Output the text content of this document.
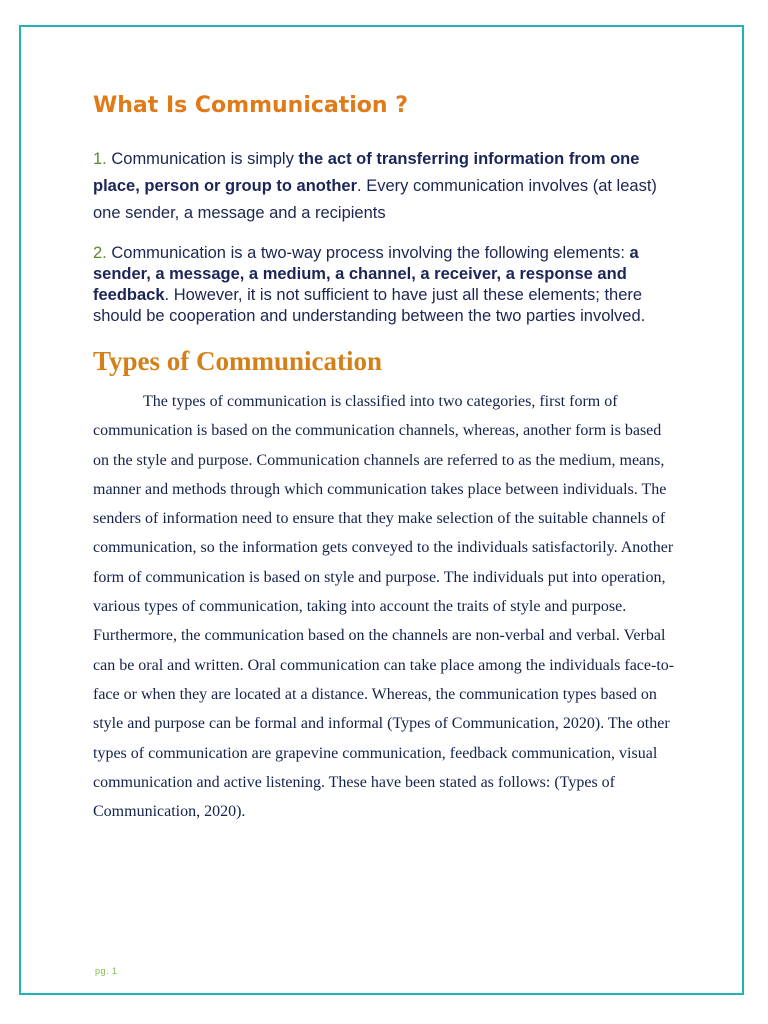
What Is Communication ?
1. Communication is simply the act of transferring information from one place, person or group to another. Every communication involves (at least) one sender, a message and a recipients
2. Communication is a two-way process involving the following elements: a sender, a message, a medium, a channel, a receiver, a response and feedback. However, it is not sufficient to have just all these elements; there should be cooperation and understanding between the two parties involved.
Types of Communication

The types of communication is classified into two categories, first form of communication is based on the communication channels, whereas, another form is based on the style and purpose. Communication channels are referred to as the medium, means, manner and methods through which communication takes place between individuals. The senders of information need to ensure that they make selection of the suitable channels of communication, so the information gets conveyed to the individuals satisfactorily. Another form of communication is based on style and purpose. The individuals put into operation, various types of communication, taking into account the traits of style and purpose. Furthermore, the communication based on the channels are non-verbal and verbal. Verbal can be oral and written. Oral communication can take place among the individuals face-to-face or when they are located at a distance. Whereas, the communication types based on style and purpose can be formal and informal (Types of Communication, 2020). The other types of communication are grapevine communication, feedback communication, visual communication and active listening. These have been stated as follows: (Types of Communication, 2020).

pg. 1
